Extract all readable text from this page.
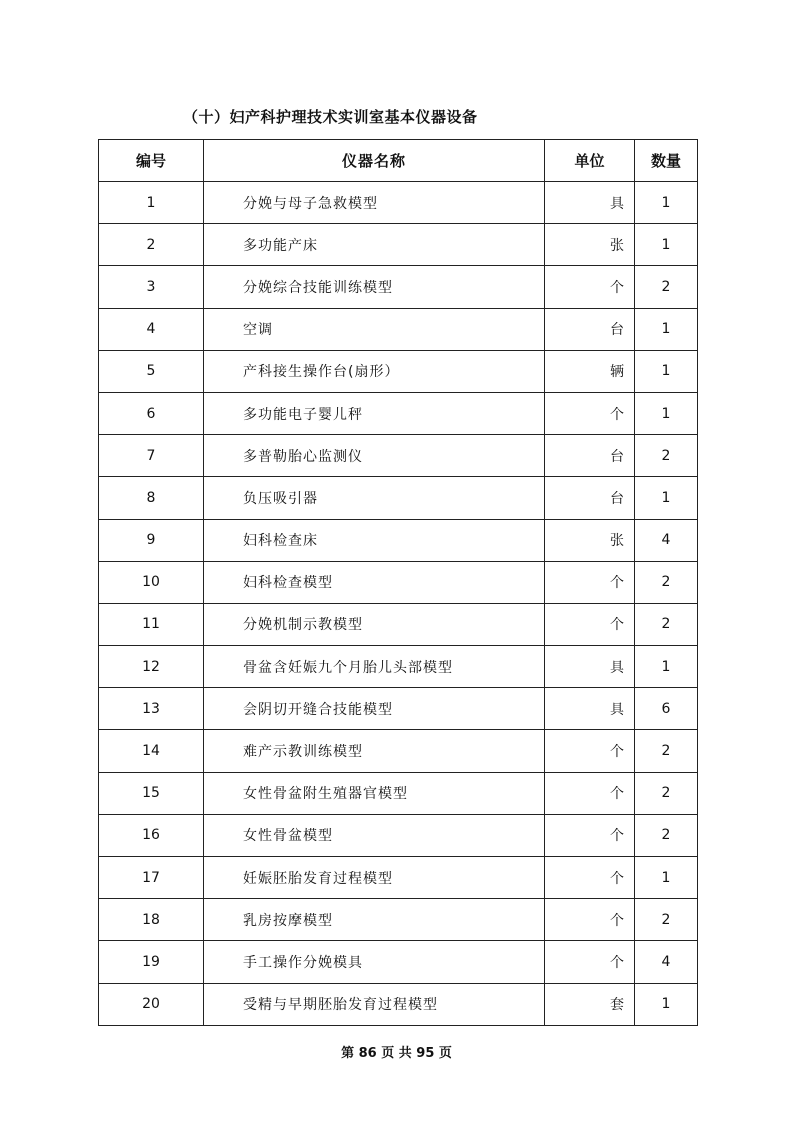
（十）妇产科护理技术实训室基本仪器设备
编号	仪器名称	单位	数量
1	分娩与母子急救模型	具	1
2	多功能产床	张	1
3	分娩综合技能训练模型	个	2
4	空调	台	1
5	产科接生操作台(扇形）	辆	1
6	多功能电子婴儿秤	个	1
7	多普勒胎心监测仪	台	2
8	负压吸引器	台	1
9	妇科检查床	张	4
10	妇科检查模型	个	2
11	分娩机制示教模型	个	2
12	骨盆含妊娠九个月胎儿头部模型	具	1
13	会阴切开缝合技能模型	具	6
14	难产示教训练模型	个	2
15	女性骨盆附生殖器官模型	个	2
16	女性骨盆模型	个	2
17	妊娠胚胎发育过程模型	个	1
18	乳房按摩模型	个	2
19	手工操作分娩模具	个	4
20	受精与早期胚胎发育过程模型	套	1
第 86 页 共 95 页
